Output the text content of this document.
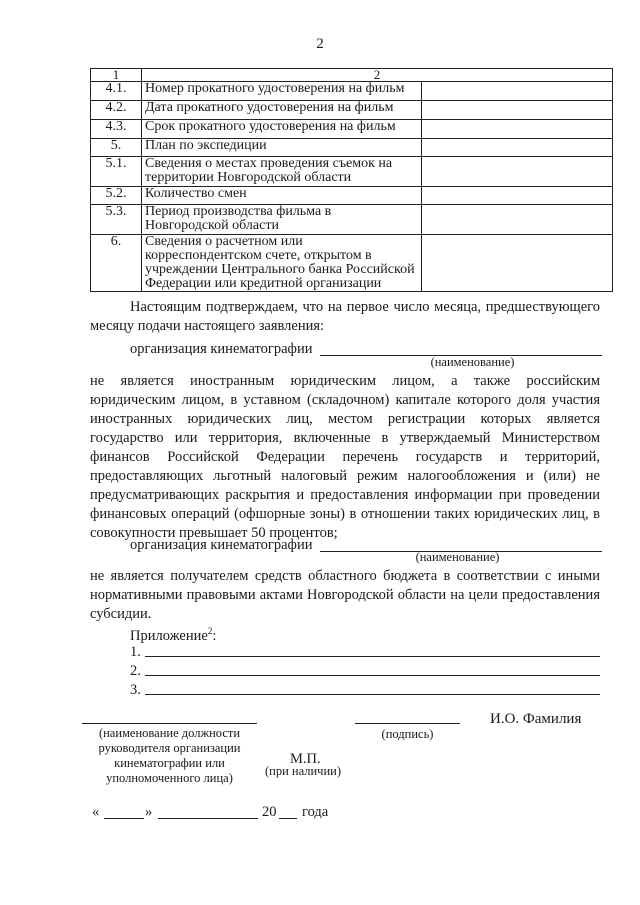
2
1	2	
4.1.	Номер прокатного удостоверения на фильм	
4.2.	Дата прокатного удостоверения на фильм	
4.3.	Срок прокатного удостоверения на фильм	
5.	План по экспедиции	
5.1.	Сведения о местах проведения съемок на территории Новгородской области	
5.2.	Количество смен	
5.3.	Период производства фильма в Новгородской области	
6.	Сведения о расчетном или корреспондентском счете, открытом в учреждении Центрального банка Российской Федерации или кредитной организации	
Настоящим подтверждаем, что на первое число месяца, предшествующего месяцу подачи настоящего заявления:
организация кинематографии
(наименование)
не является иностранным юридическим лицом, а также российским юридическим лицом, в уставном (складочном) капитале которого доля участия иностранных юридических лиц, местом регистрации которых является государство или территория, включенные в утверждаемый Министерством финансов Российской Федерации перечень государств и территорий, предоставляющих льготный налоговый режим налогообложения и (или) не предусматривающих раскрытия и предоставления информации при проведении финансовых операций (офшорные зоны) в отношении таких юридических лиц, в совокупности превышает 50 процентов;
организация кинематографии
(наименование)
не является получателем средств областного бюджета в соответствии с иными нормативными правовыми актами Новгородской области на цели предоставления субсидии.
Приложение$^2$:
1.
2.
3.
(наименование должности руководителя организации кинематографии или уполномоченного лица)
М.П.
(при наличии)
(подпись)
И.О. Фамилия
«	»	20 года
